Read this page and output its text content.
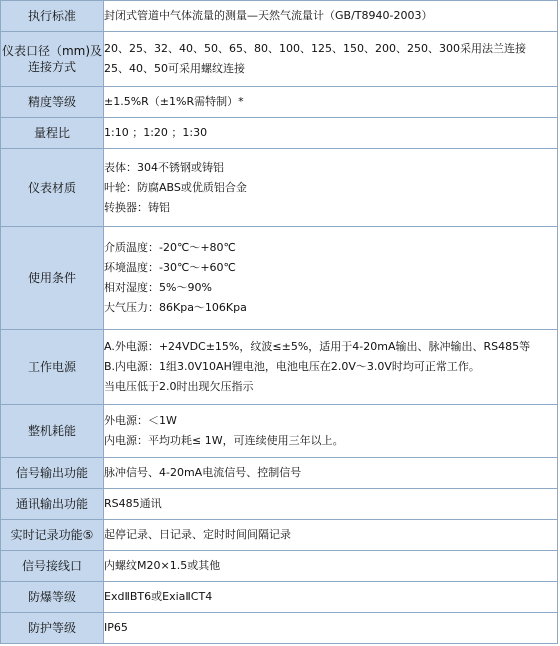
执行标准	封闭式管道中气体流量的测量—天然气流量计（GB/T8940-2003）

仪表口径（mm)及连接方式	20、25、32、40、50、65、80、100、125、150、200、250、300采用法兰连接
25、40、50可采用螺纹连接

精度等级	±1.5%R（±1%R需特制）*

量程比	1:10 ；1:20 ；1:30

仪表材质	表体：304不锈钢或铸铝
叶轮：防腐ABS或优质铝合金
转换器：铸铝

使用条件	介质温度：-20℃～+80℃
环境温度：-30℃～+60℃
相对湿度：5%～90%
大气压力：86Kpa～106Kpa

工作电源	A.外电源：+24VDC±15%，纹波≤±5%，适用于4-20mA输出、脉冲输出、RS485等
B.内电源：1组3.0V10AH锂电池，电池电压在2.0V～3.0V时均可正常工作。
当电压低于2.0时出现欠压指示

整机耗能	外电源：＜1W
内电源：平均功耗≤ 1W，可连续使用三年以上。

信号输出功能	脉冲信号、4-20mA电流信号、控制信号

通讯输出功能	RS485通讯

实时记录功能⑤	起停记录、日记录、定时时间间隔记录

信号接线口	内螺纹M20×1.5或其他

防爆等级	ExdⅡBT6或ExiaⅡCT4

防护等级	IP65
